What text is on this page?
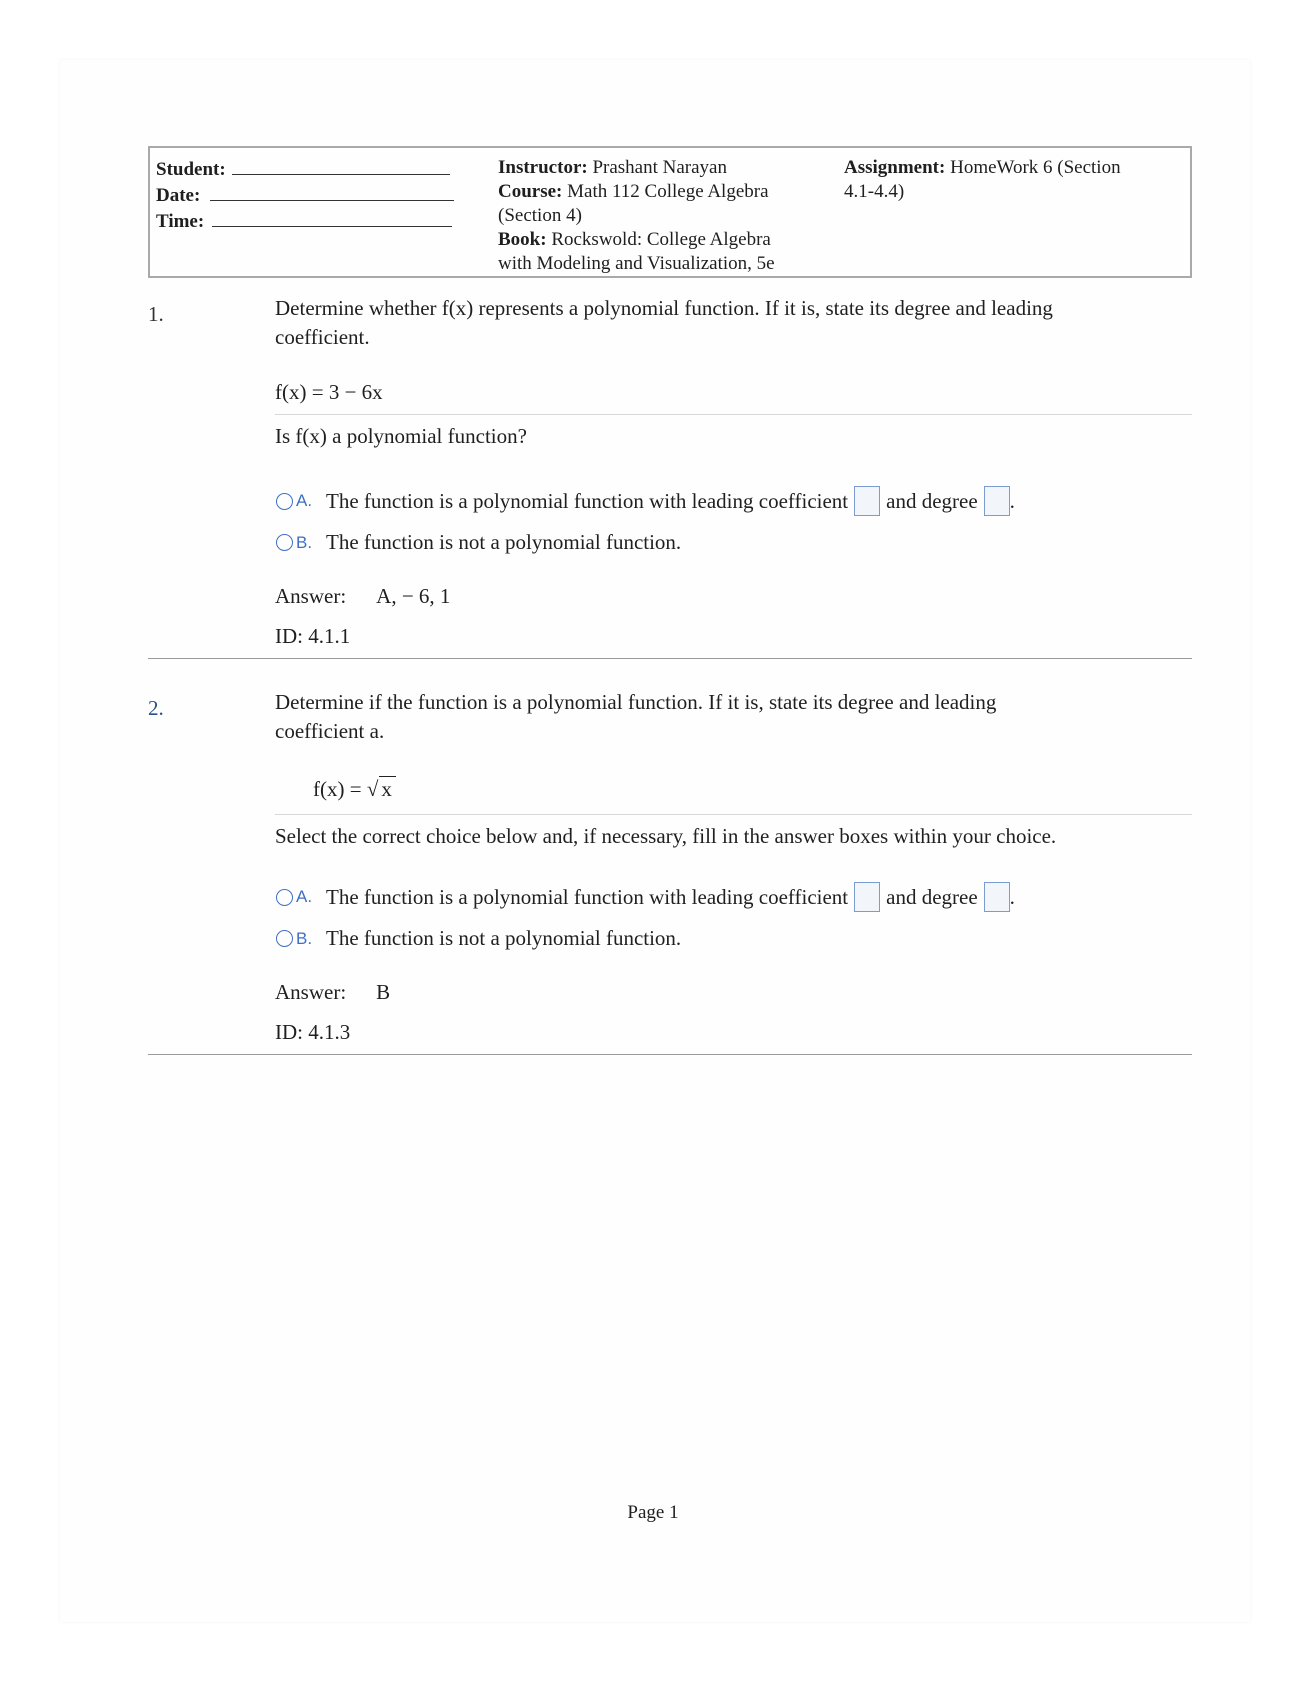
Student:
Date:
Time:
Instructor: Prashant Narayan
Course: Math 112 College Algebra
(Section 4)
Book: Rockswold: College Algebra
with Modeling and Visualization, 5e
Assignment: HomeWork 6 (Section
4.1-4.4)
1.	Determine whether f(x) represents a polynomial function. If it is, state its degree and leading

coefficient.

f(x) = 3 − 6x
Is f(x) a polynomial function?
A. The function is a polynomial function with leading coefficient and degree .
B. The function is not a polynomial function.
Answer: A, − 6, 1
ID: 4.1.1
2.	Determine if the function is a polynomial function. If it is, state its degree and leading

coefficient a.

f(x) = √ x
Select the correct choice below and, if necessary, fill in the answer boxes within your choice.
A. The function is a polynomial function with leading coefficient and degree .
B. The function is not a polynomial function.
Answer: B
ID: 4.1.3
Page 1
